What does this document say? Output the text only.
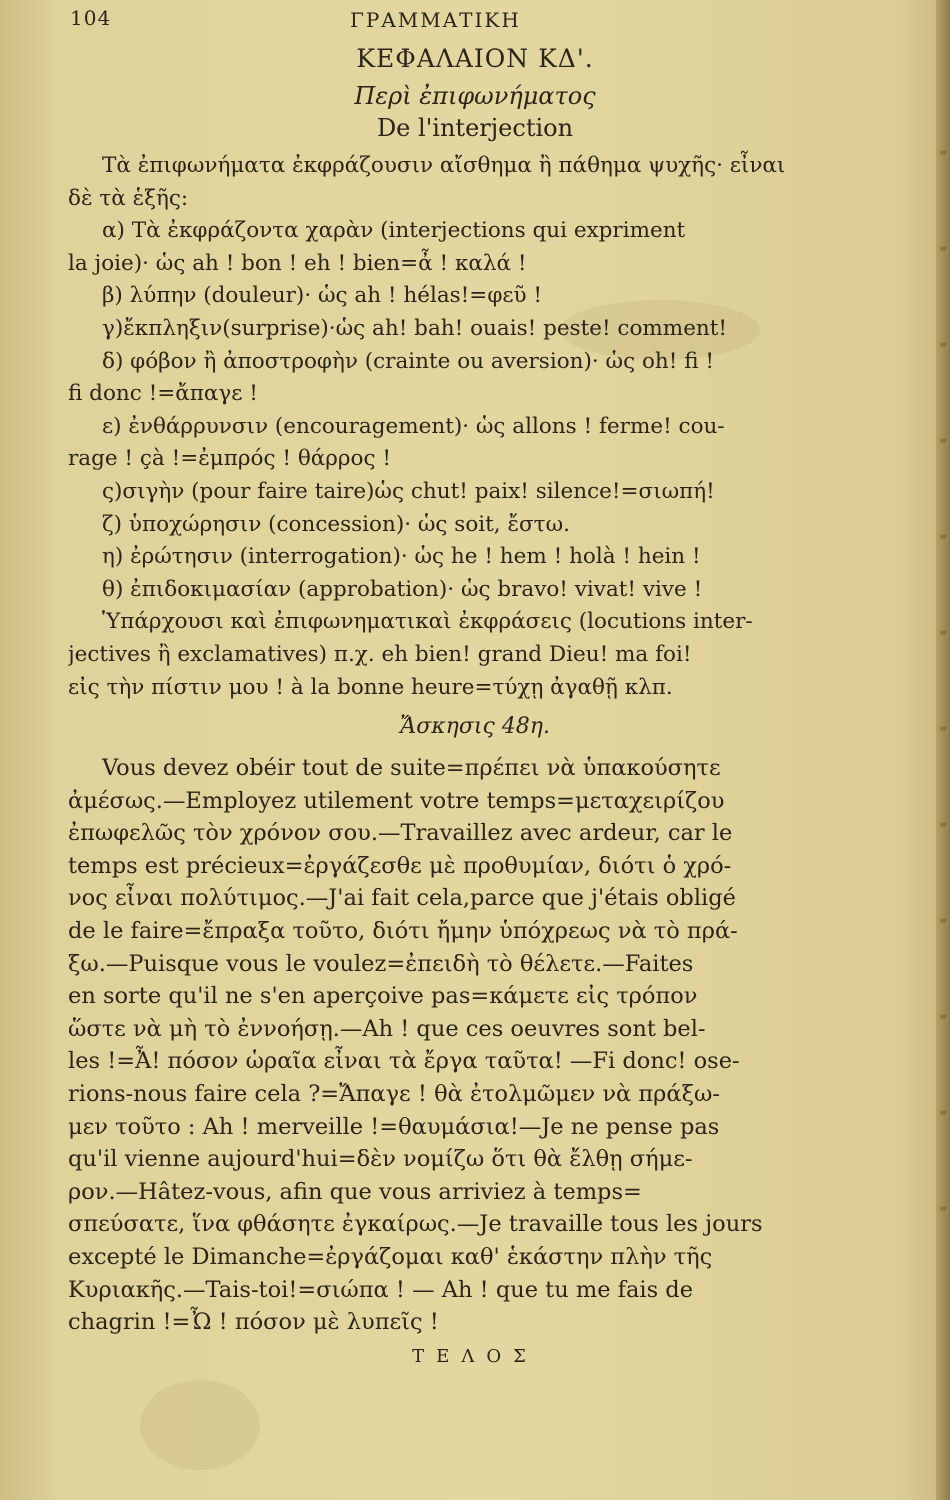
104	ΓΡΑΜΜΑΤΙΚΗ
ΚΕΦΑΛΑΙΟΝ ΚΔ'.
Περὶ ἐπιφωνήματος
De l'interjection
Τὰ ἐπιφωνήματα ἐκφράζουσιν αἴσθημα ἢ πάθημα ψυχῆς· εἶναι
δὲ τὰ ἑξῆς:
α) Τὰ ἐκφράζοντα χαρὰν (interjections qui expriment
la joie)· ὡς ah ! bon ! eh ! bien=ἆ ! καλά !
β) λύπην (douleur)· ὡς ah ! hélas!=φεῦ !
γ)ἔκπληξιν(surprise)·ὡς ah! bah! ouais! peste! comment!
δ) φόβον ἢ ἀποστροφὴν (crainte ou aversion)· ὡς oh! fi !
fi donc !=ἄπαγε !
ε) ἐνθάρρυνσιν (encouragement)· ὡς allons ! ferme! cou-
rage ! çà !=ἐμπρός ! θάρρος !
ς)σιγὴν (pour faire taire)ὡς chut! paix! silence!=σιωπή!
ζ) ὑποχώρησιν (concession)· ὡς soit, ἔστω.
η) ἐρώτησιν (interrogation)· ὡς he ! hem ! holà ! hein !
θ) ἐπιδοκιμασίαν (approbation)· ὡς bravo! vivat! vive !
Ὑπάρχουσι καὶ ἐπιφωνηματικαὶ ἐκφράσεις (locutions inter-
jectives ἢ exclamatives) π.χ. eh bien! grand Dieu! ma foi!
εἰς τὴν πίστιν μου ! à la bonne heure=τύχῃ ἀγαθῇ κλπ.
Ἄσκησις 48η.
Vous devez obéir tout de suite=πρέπει νὰ ὑπακούσητε
ἀμέσως.—Employez utilement votre temps=μεταχειρίζου
ἐπωφελῶς τὸν χρόνον σου.—Travaillez avec ardeur, car le
temps est précieux=ἐργάζεσθε μὲ προθυμίαν, διότι ὁ χρό-
νος εἶναι πολύτιμος.—J'ai fait cela,parce que j'étais obligé
de le faire=ἔπραξα τοῦτο, διότι ἤμην ὑπόχρεως νὰ τὸ πρά-
ξω.—Puisque vous le voulez=ἐπειδὴ τὸ θέλετε.—Faites
en sorte qu'il ne s'en aperçoive pas=κάμετε εἰς τρόπον
ὥστε νὰ μὴ τὸ ἐννοήσῃ.—Ah ! que ces oeuvres sont bel-
les !=Ἆ! πόσον ὡραῖα εἶναι τὰ ἔργα ταῦτα! —Fi donc! ose-
rions-nous faire cela ?=Ἄπαγε ! θὰ ἐτολμῶμεν νὰ πράξω-
μεν τοῦτο : Ah ! merveille !=θαυμάσια!—Je ne pense pas
qu'il vienne aujourd'hui=δὲν νομίζω ὅτι θὰ ἔλθῃ σήμε-
ρον.—Hâtez-vous, afin que vous arriviez à temps=
σπεύσατε, ἵνα φθάσητε ἐγκαίρως.—Je travaille tous les jours
excepté le Dimanche=ἐργάζομαι καθ' ἑκάστην πλὴν τῆς
Κυριακῆς.—Tais-toi!=σιώπα ! — Ah ! que tu me fais de
chagrin !=Ὦ ! πόσον μὲ λυπεῖς !
ΤΕΛΟΣ
